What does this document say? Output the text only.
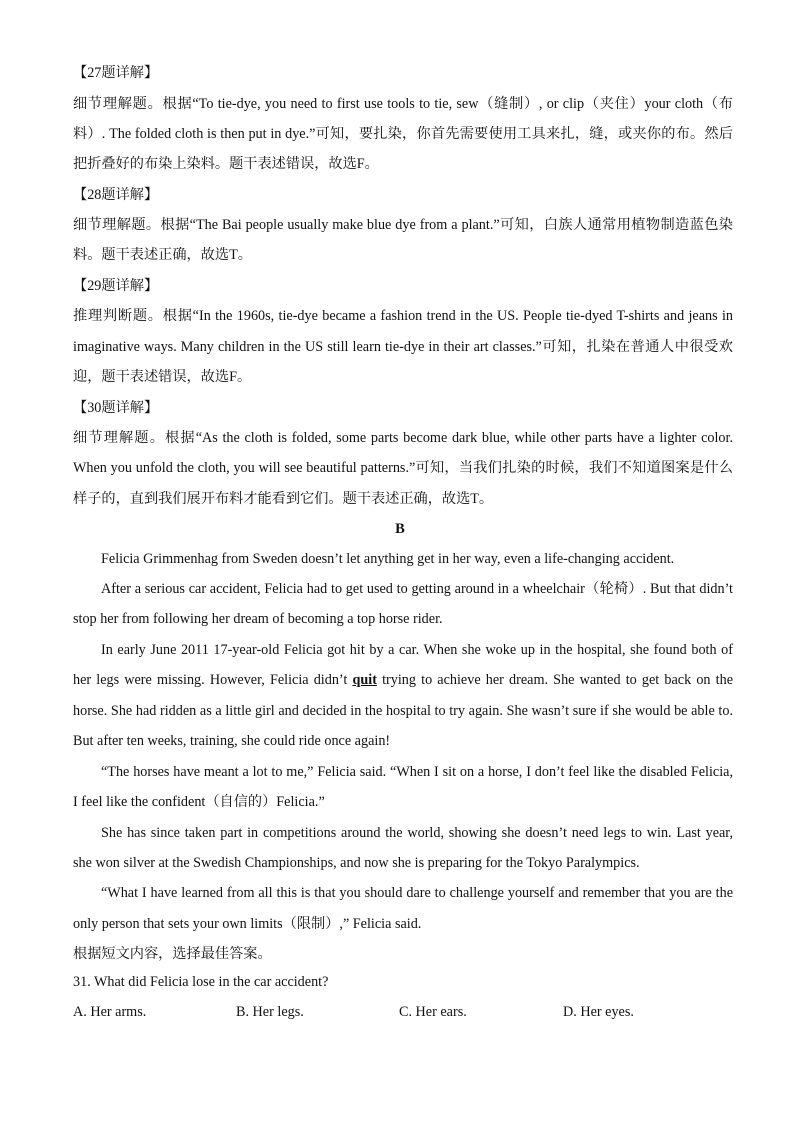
【27题详解】
细节理解题。根据“To tie-dye, you need to first use tools to tie, sew（缝制）, or clip（夹住）your cloth（布
料）. The folded cloth is then put in dye.”可知，要扎染，你首先需要使用工具来扎，缝，或夹你的布。然后
把折叠好的布染上染料。题干表述错误，故选F。
【28题详解】
细节理解题。根据“The Bai people usually make blue dye from a plant.”可知，白族人通常用植物制造蓝色染
料。题干表述正确，故选T。
【29题详解】
推理判断题。根据“In the 1960s, tie-dye became a fashion trend in the US. People tie-dyed T-shirts and jeans in
imaginative ways. Many children in the US still learn tie-dye in their art classes.”可知，扎染在普通人中很受欢
迎，题干表述错误，故选F。
【30题详解】
细节理解题。根据“As the cloth is folded, some parts become dark blue, while other parts have a lighter color.
When you unfold the cloth, you will see beautiful patterns.”可知，当我们扎染的时候，我们不知道图案是什么
样子的，直到我们展开布料才能看到它们。题干表述正确，故选T。
B
Felicia Grimmenhag from Sweden doesn’t let anything get in her way, even a life-changing accident.
After a serious car accident, Felicia had to get used to getting around in a wheelchair（轮椅）. But that didn’t
stop her from following her dream of becoming a top horse rider.
In early June 2011 17-year-old Felicia got hit by a car. When she woke up in the hospital, she found both of
her legs were missing. However, Felicia didn’t quit trying to achieve her dream. She wanted to get back on the
horse. She had ridden as a little girl and decided in the hospital to try again. She wasn’t sure if she would be able to.
But after ten weeks, training, she could ride once again!
“The horses have meant a lot to me,” Felicia said. “When I sit on a horse, I don’t feel like the disabled Felicia,
I feel like the confident（自信的）Felicia.”
She has since taken part in competitions around the world, showing she doesn’t need legs to win. Last year,
she won silver at the Swedish Championships, and now she is preparing for the Tokyo Paralympics.
“What I have learned from all this is that you should dare to challenge yourself and remember that you are the
only person that sets your own limits（限制）,” Felicia said.
根据短文内容，选择最佳答案。
31. What did Felicia lose in the car accident?
A. Her arms.	B. Her legs.	C. Her ears.	D. Her eyes.
